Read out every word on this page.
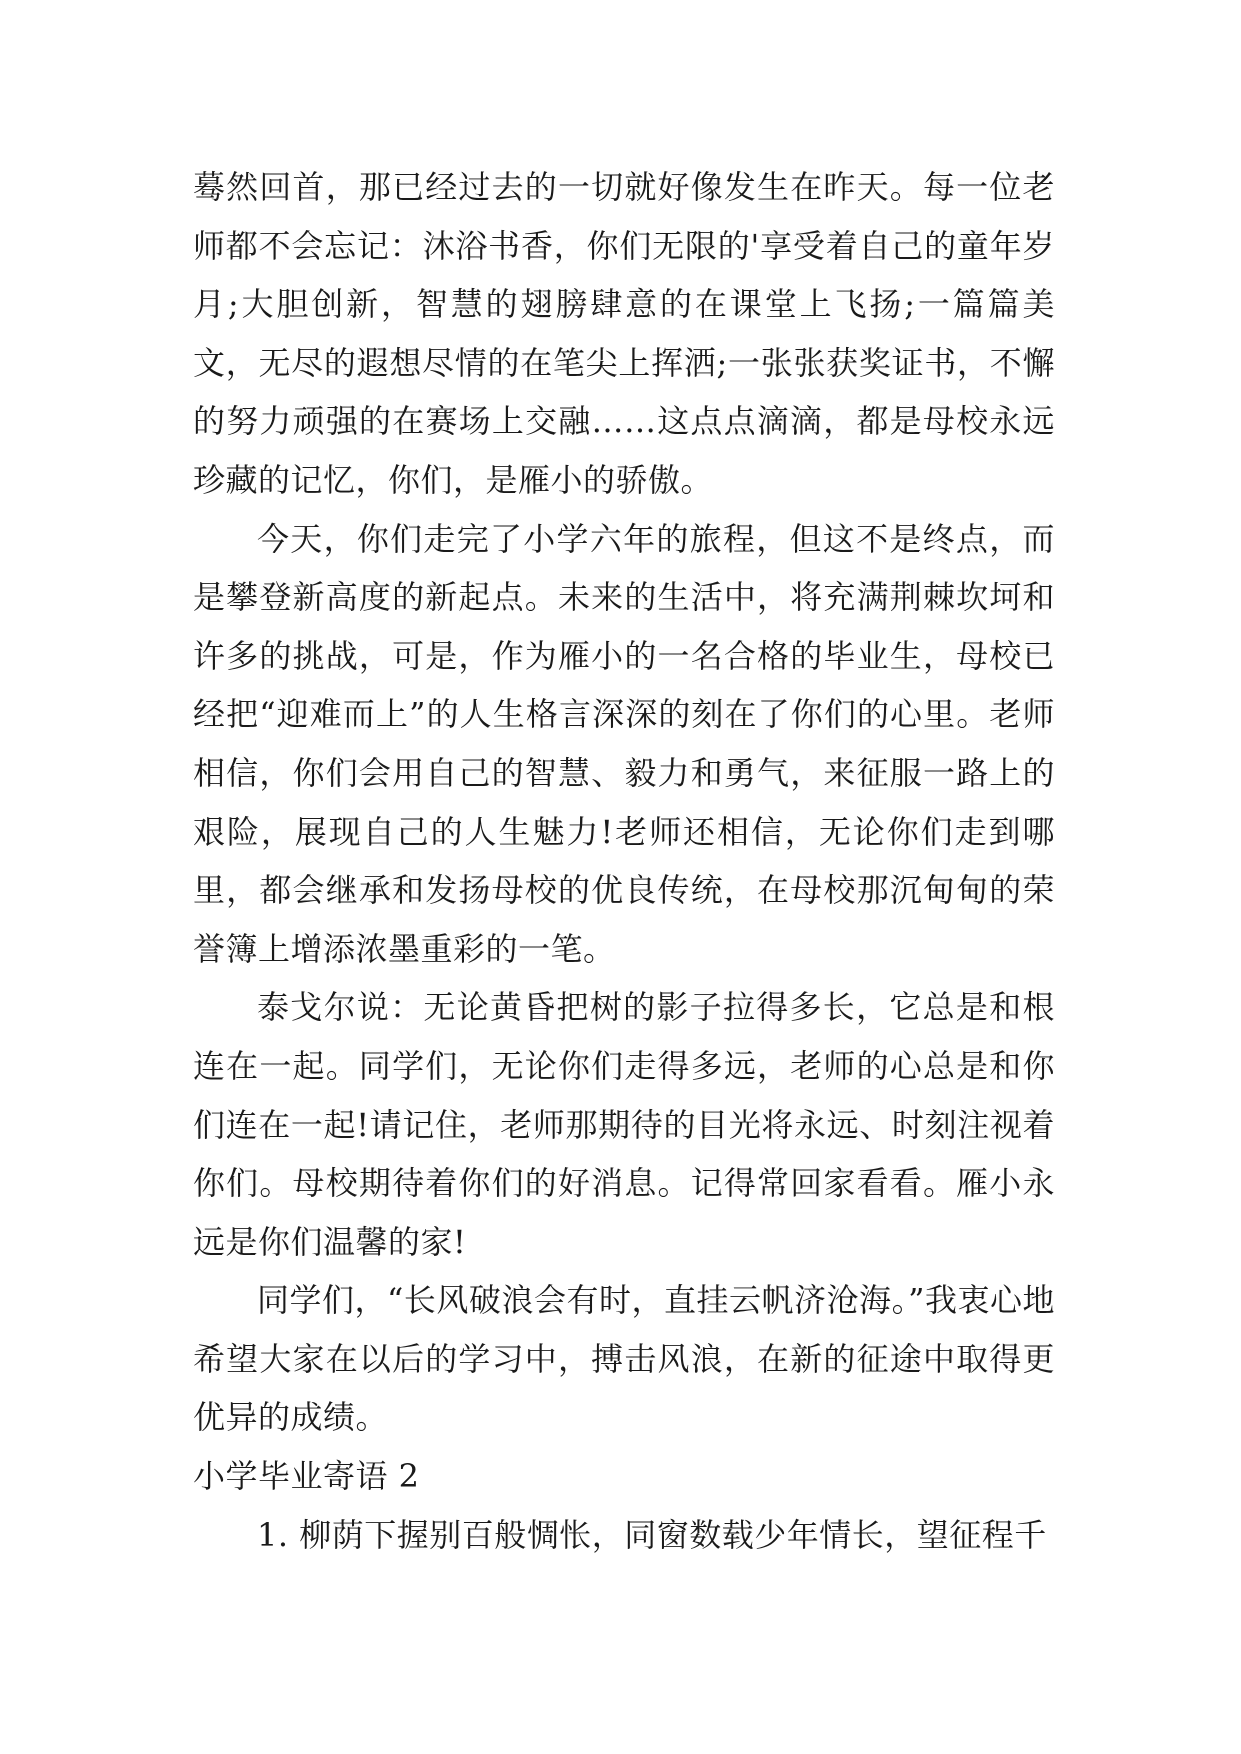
蓦然回首，那已经过去的一切就好像发生在昨天。每一位老师都不会忘记：沐浴书香，你们无限的'享受着自己的童年岁月;大胆创新，智慧的翅膀肆意的在课堂上飞扬;一篇篇美文，无尽的遐想尽情的在笔尖上挥洒;一张张获奖证书，不懈的努力顽强的在赛场上交融……这点点滴滴，都是母校永远珍藏的记忆，你们，是雁小的骄傲。

今天，你们走完了小学六年的旅程，但这不是终点，而是攀登新高度的新起点。未来的生活中，将充满荆棘坎坷和许多的挑战，可是，作为雁小的一名合格的毕业生，母校已经把“迎难而上”的人生格言深深的刻在了你们的心里。老师相信，你们会用自己的智慧、毅力和勇气，来征服一路上的艰险，展现自己的人生魅力!老师还相信，无论你们走到哪里，都会继承和发扬母校的优良传统，在母校那沉甸甸的荣誉簿上增添浓墨重彩的一笔。

泰戈尔说：无论黄昏把树的影子拉得多长，它总是和根连在一起。同学们，无论你们走得多远，老师的心总是和你们连在一起!请记住，老师那期待的目光将永远、时刻注视着你们。母校期待着你们的好消息。记得常回家看看。雁小永远是你们温馨的家!

同学们，“长风破浪会有时，直挂云帆济沧海。”我衷心地希望大家在以后的学习中，搏击风浪，在新的征途中取得更优异的成绩。

小学毕业寄语 2

1. 柳荫下握别百般惆怅，同窗数载少年情长，望征程千
